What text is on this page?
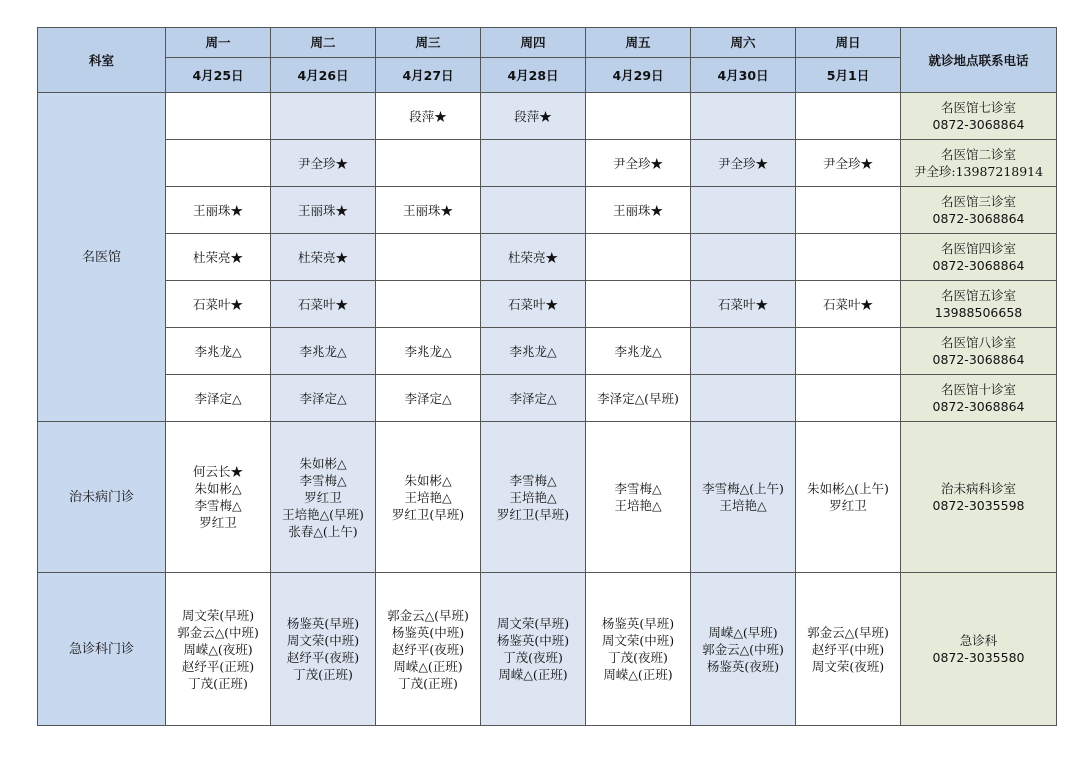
科室	周一	周二	周三	周四	周五	周六	周日	就诊地点联系电话
	4月25日	4月26日	4月27日	4月28日	4月29日	4月30日	5月1日	
名医馆			段萍★	段萍★				名医馆七诊室
0872-3068864

		尹全珍★			尹全珍★	尹全珍★	尹全珍★	名医馆二诊室
尹全珍:13987218914

	王丽珠★	王丽珠★	王丽珠★		王丽珠★			名医馆三诊室
0872-3068864

	杜荣亮★	杜荣亮★		杜荣亮★				名医馆四诊室
0872-3068864

	石菜叶★	石菜叶★		石菜叶★		石菜叶★	石菜叶★	名医馆五诊室
13988506658

	李兆龙△	李兆龙△	李兆龙△	李兆龙△	李兆龙△			名医馆八诊室
0872-3068864

	李泽定△	李泽定△	李泽定△	李泽定△	李泽定△(早班)			名医馆十诊室
0872-3068864

治未病门诊	何云长★
朱如彬△
李雪梅△
罗红卫	朱如彬△
李雪梅△
罗红卫
王培艳△(早班)
张春△(上午)	朱如彬△
王培艳△
罗红卫(早班)	李雪梅△
王培艳△
罗红卫(早班)	李雪梅△
王培艳△	李雪梅△(上午)
王培艳△	朱如彬△(上午)
罗红卫	治未病科诊室
0872-3035598

急诊科门诊	周文荣(早班)
郭金云△(中班)
周嵘△(夜班)
赵纾平(正班)
丁茂(正班)	杨鉴英(早班)
周文荣(中班)
赵纾平(夜班)
丁茂(正班)	郭金云△(早班)
杨鉴英(中班)
赵纾平(夜班)
周嵘△(正班)
丁茂(正班)	周文荣(早班)
杨鉴英(中班)
丁茂(夜班)
周嵘△(正班)	杨鉴英(早班)
周文荣(中班)
丁茂(夜班)
周嵘△(正班)	周嵘△(早班)
郭金云△(中班)
杨鉴英(夜班)	郭金云△(早班)
赵纾平(中班)
周文荣(夜班)	急诊科
0872-3035580
